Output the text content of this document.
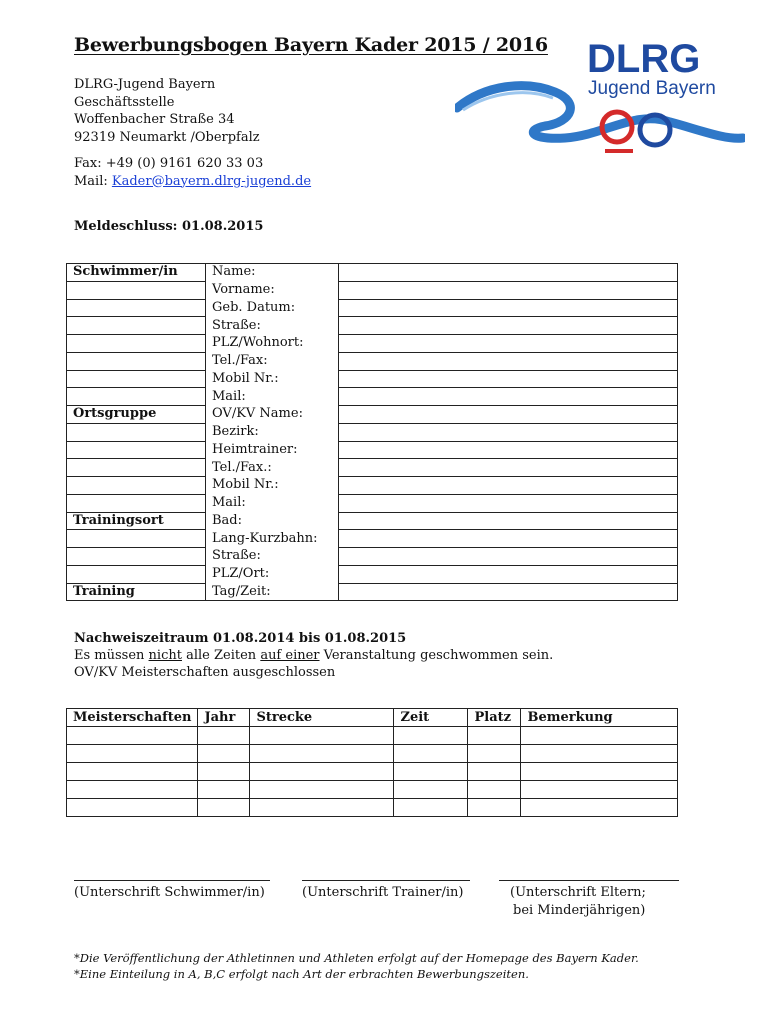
Bewerbungsbogen Bayern Kader 2015 / 2016 DLRG
Jugend Bayern
DLRG-Jugend Bayern
Geschäftsstelle
Woffenbacher Straße 34
92319 Neumarkt /Oberpfalz
Fax: +49 (0) 9161 620 33 03
Mail: Kader@bayern.dlrg-jugend.de
Meldeschluss: 01.08.2015
Schwimmer/in	Name:	
	Vorname:	
	Geb. Datum:	
	Straße:	
	PLZ/Wohnort:	
	Tel./Fax:	
	Mobil Nr.:	
	Mail:	
Ortsgruppe	OV/KV Name:	
	Bezirk:	
	Heimtrainer:	
	Tel./Fax.:	
	Mobil Nr.:	
	Mail:	
Trainingsort	Bad:	
	Lang-Kurzbahn:	
	Straße:	
	PLZ/Ort:	
Training	Tag/Zeit:	
Nachweiszeitraum 01.08.2014 bis 01.08.2015
Es müssen nicht alle Zeiten auf einer Veranstaltung geschwommen sein.
OV/KV Meisterschaften ausgeschlossen
Meisterschaften	Jahr	Strecke	Zeit	Platz	Bemerkung

(Unterschrift Schwimmer/in)	(Unterschrift Trainer/in)	(Unterschrift Eltern;
bei Minderjährigen)
*Die Veröffentlichung der Athletinnen und Athleten erfolgt auf der Homepage des Bayern Kader.
*Eine Einteilung in A, B,C erfolgt nach Art der erbrachten Bewerbungszeiten.
